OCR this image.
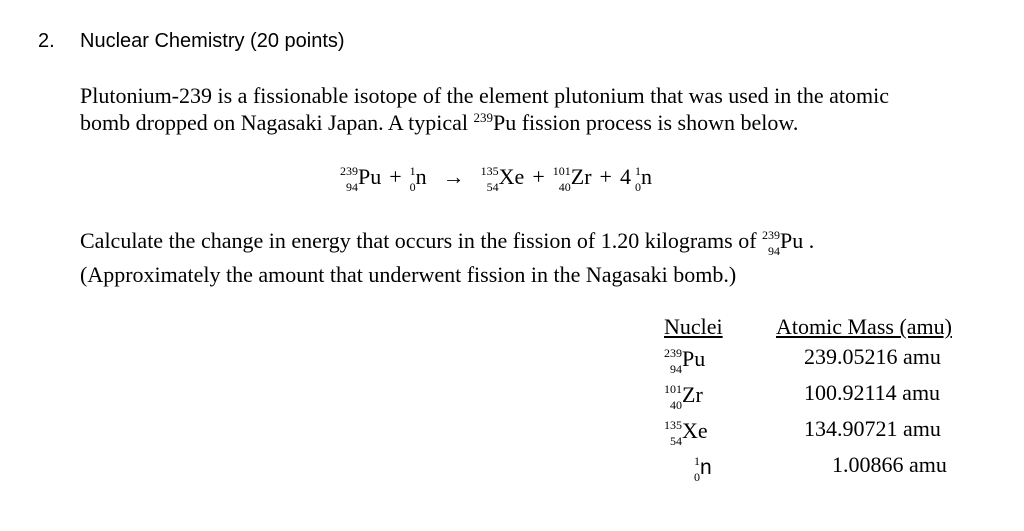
2. Nuclear Chemistry (20 points)
Plutonium-239 is a fissionable isotope of the element plutonium that was used in the atomic
bomb dropped on Nagasaki Japan. A typical $^{239}$Pu fission process is shown below.
239
94 Pu + 1
0 n → 135
54 Xe + 101
40 Zr + 4 1
0 n
Calculate the change in energy that occurs in the fission of 1.20 kilograms of 239
94 Pu .
(Approximately the amount that underwent fission in the Nagasaki bomb.)
Nuclei Atomic Mass (amu)
239
94 Pu	239.05216 amu
101
40 Zr	100.92114 amu
135
54 Xe	134.90721 amu
1
0 n	1.00866 amu
